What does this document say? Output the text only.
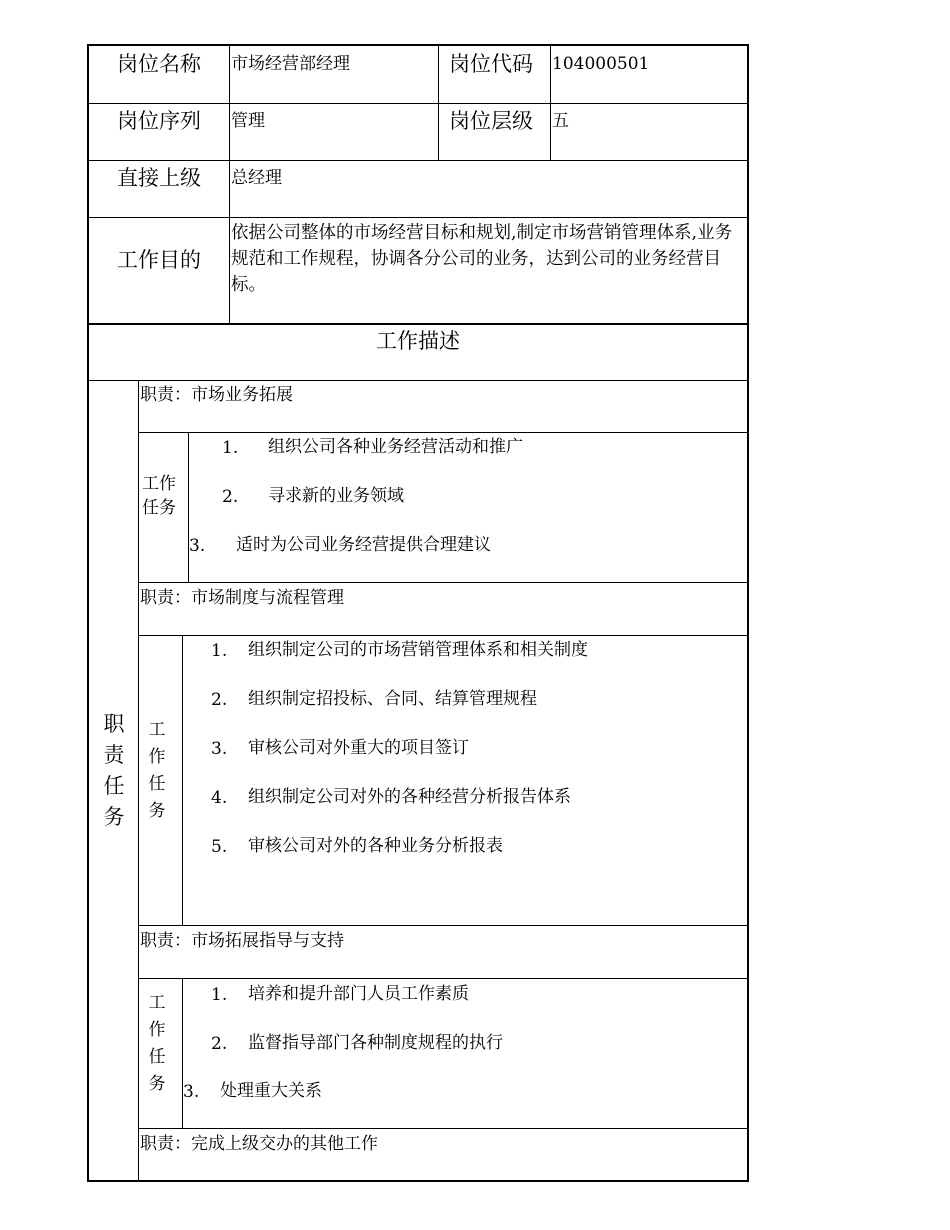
岗位名称 市场经营部经理	岗位代码 104000501
岗位序列 管理	岗位层级 五
直接上级 总经理
工作目的
依据公司整体的市场经营目标和规划,制定市场营销管理体系,业务规范和工作规程，协调各分公司的业务，达到公司的业务经营目标。
工作描述
职责任务
职责：市场业务拓展
工作任务
1. 组织公司各种业务经营活动和推广
2. 寻求新的业务领域
3. 适时为公司业务经营提供合理建议
职责：市场制度与流程管理
工作任务
1. 组织制定公司的市场营销管理体系和相关制度
2. 组织制定招投标、合同、结算管理规程
3. 审核公司对外重大的项目签订
4. 组织制定公司对外的各种经营分析报告体系
5. 审核公司对外的各种业务分析报表
职责：市场拓展指导与支持
工作任务
1. 培养和提升部门人员工作素质
2. 监督指导部门各种制度规程的执行
3. 处理重大关系
职责：完成上级交办的其他工作
